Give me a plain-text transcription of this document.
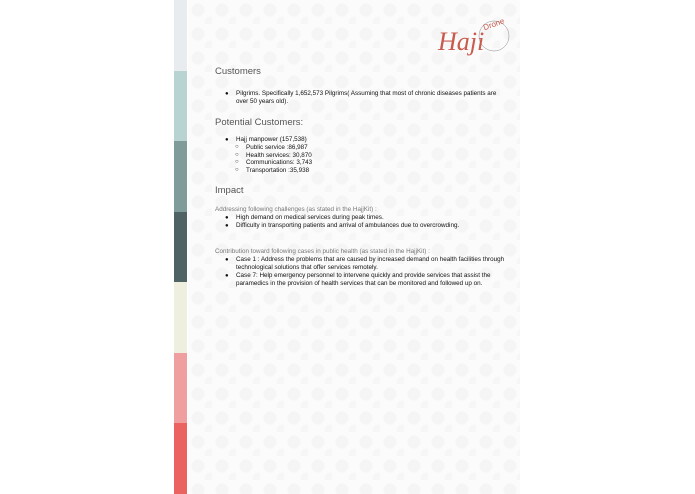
Drone
Haji

Customers

● Pilgrims. Specifically 1,652,573 Pilgrims( Assuming that most of chronic diseases patients are over 50 years old).

Potential Customers:

● Hajj manpower (157,538)
○ Public service :86,987
○ Health services: 30,870
○ Communications: 3,743
○ Transportation :35,938

Impact

Addressing following challenges (as stated in the HajjKit) :

● High demand on medical services during peak times.
● Difficulty in transporting patients and arrival of ambulances due to overcrowding.

Contribution toward following cases in public health (as stated in the HajjKit) :

● Case 1 : Address the problems that are caused by increased demand on health facilities through technological solutions that offer services remotely.
● Case 7: Help emergency personnel to intervene quickly and provide services that assist the paramedics in the provision of health services that can be monitored and followed up on.
